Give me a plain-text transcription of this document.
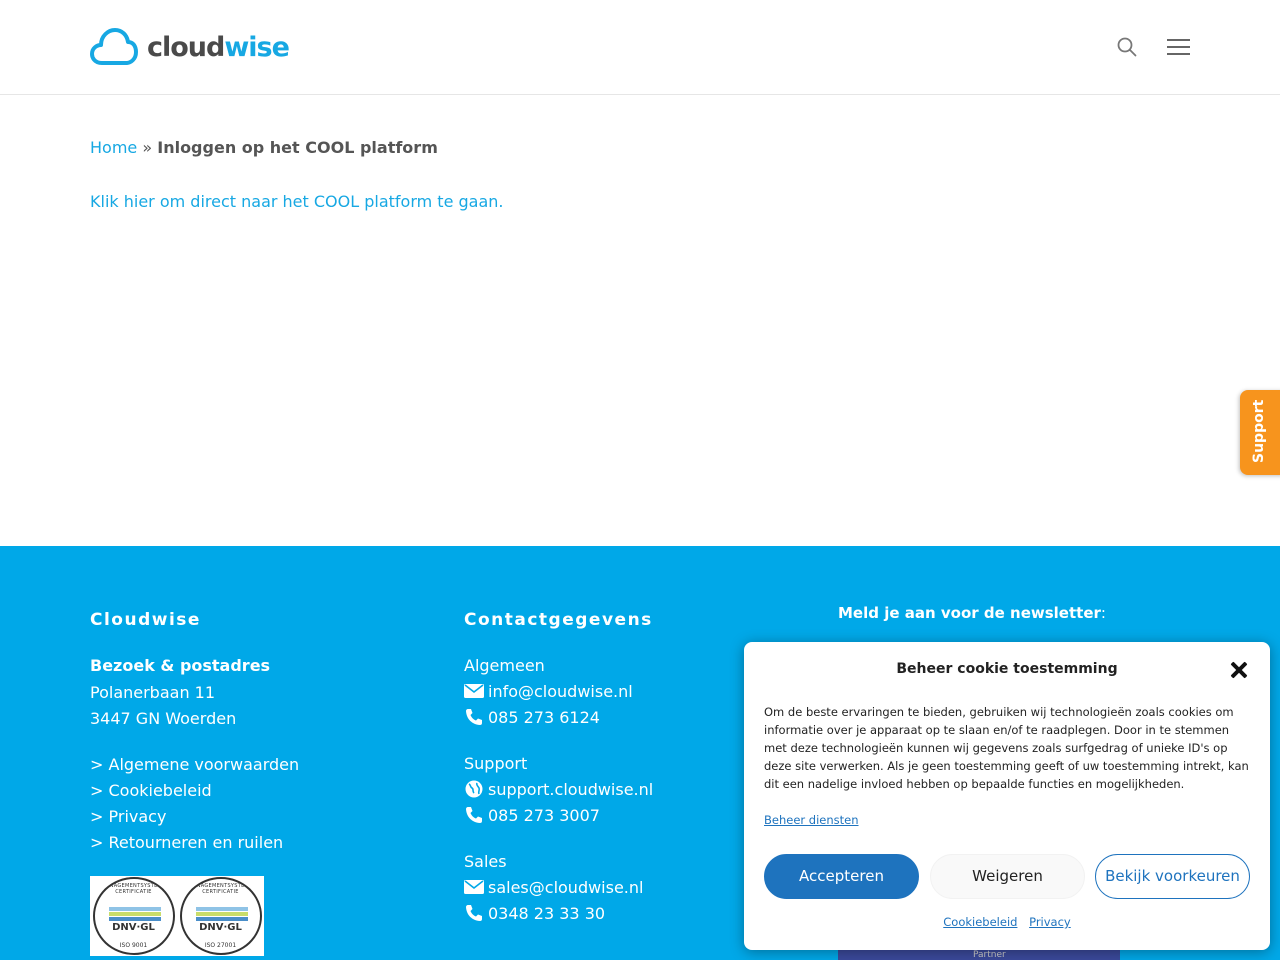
cloudwise
Home » Inloggen op het COOL platform
Klik hier om direct naar het COOL platform te gaan.
Support
Cloudwise
Bezoek & postadres
Polanerbaan 11
3447 GN Woerden
> Algemene voorwaarden
> Cookiebeleid
> Privacy
> Retourneren en ruilen
MANAGEMENTSYSTEEM CERTIFICATIE
DNV·GL
ISO 9001
MANAGEMENTSYSTEEM CERTIFICATIE
DNV·GL
ISO 27001
Contactgegevens
Algemeen
info@cloudwise.nl
085 273 6124
Support
support.cloudwise.nl
085 273 3007
Sales
sales@cloudwise.nl
0348 23 33 30
Meld je aan voor de newsletter:
Partner
Beheer cookie toestemming
Om de beste ervaringen te bieden, gebruiken wij technologieën zoals cookies om informatie over je apparaat op te slaan en/of te raadplegen. Door in te stemmen met deze technologieën kunnen wij gegevens zoals surfgedrag of unieke ID's op deze site verwerken. Als je geen toestemming geeft of uw toestemming intrekt, kan dit een nadelige invloed hebben op bepaalde functies en mogelijkheden.
Beheer diensten
Accepteren	Weigeren	Bekijk voorkeuren
Cookiebeleid Privacy
